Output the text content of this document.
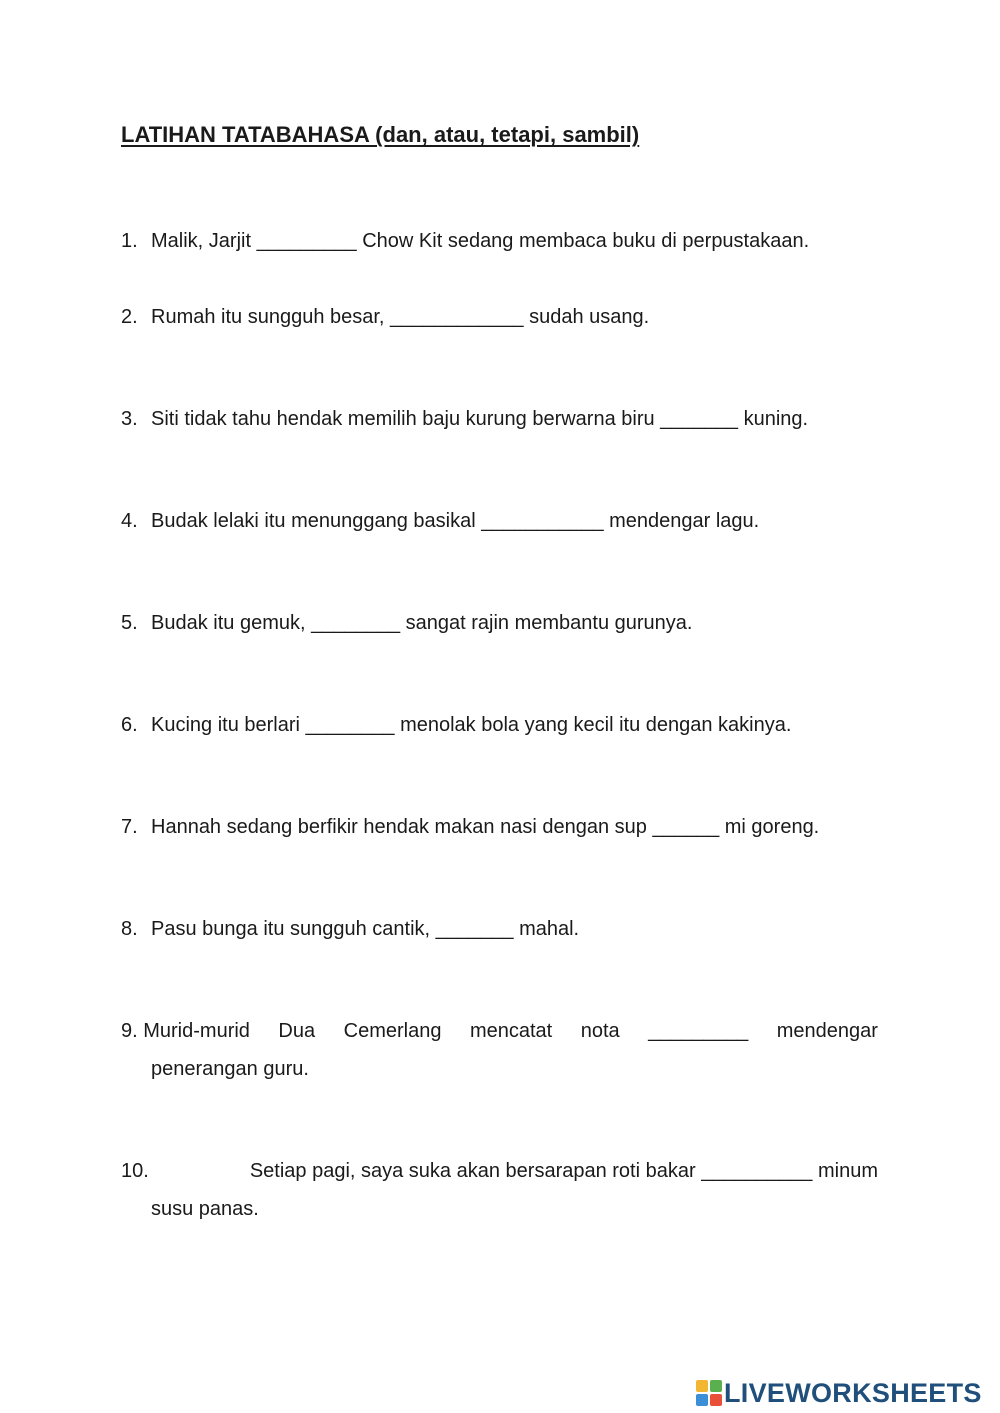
LATIHAN TATABAHASA (dan, atau, tetapi, sambil)
1. Malik, Jarjit _________ Chow Kit sedang membaca buku di perpustakaan.
2. Rumah itu sungguh besar, ____________ sudah usang.
3. Siti tidak tahu hendak memilih baju kurung berwarna biru _______ kuning.
4. Budak lelaki itu menunggang basikal ___________ mendengar lagu.
5. Budak itu gemuk, ________ sangat rajin membantu gurunya.
6. Kucing itu berlari ________ menolak bola yang kecil itu dengan kakinya.
7. Hannah sedang berfikir hendak makan nasi dengan sup ______ mi goreng.
8. Pasu bunga itu sungguh cantik, _______ mahal.
9. Murid-murid Dua Cemerlang mencatat nota _________ mendengar
penerangan guru.
10.	Setiap pagi, saya suka akan bersarapan roti bakar __________ minum
susu panas.
LIVEWORKSHEETS
